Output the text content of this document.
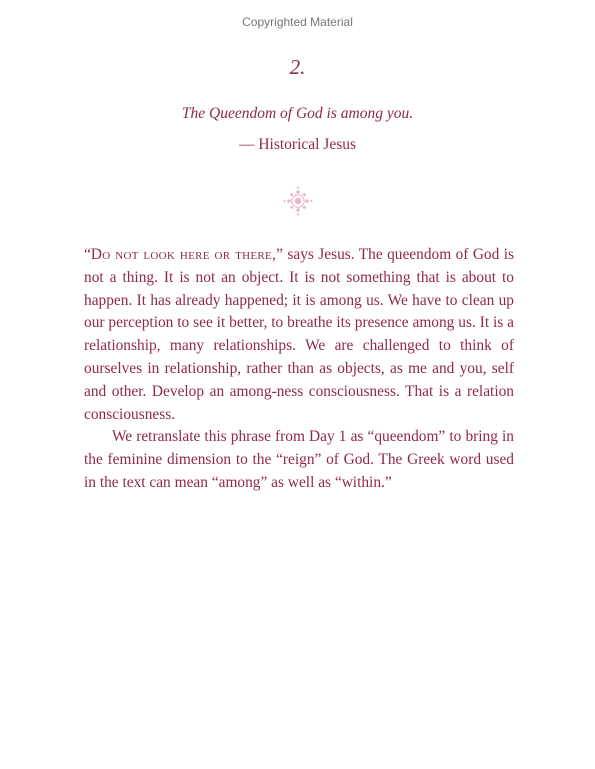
Copyrighted Material
2.
The Queendom of God is among you.
— Historical Jesus

“Do not look here or there,” says Jesus. The queendom of God is not a thing. It is not an object. It is not something that is about to happen. It has already happened; it is among us. We have to clean up our perception to see it better, to breathe its presence among us. It is a relationship, many relationships. We are challenged to think of ourselves in relationship, rather than as objects, as me and you, self and other. Develop an among-ness consciousness. That is a relation consciousness.

We retranslate this phrase from Day 1 as “queendom” to bring in the feminine dimension to the “reign” of God. The Greek word used in the text can mean “among” as well as “within.”
